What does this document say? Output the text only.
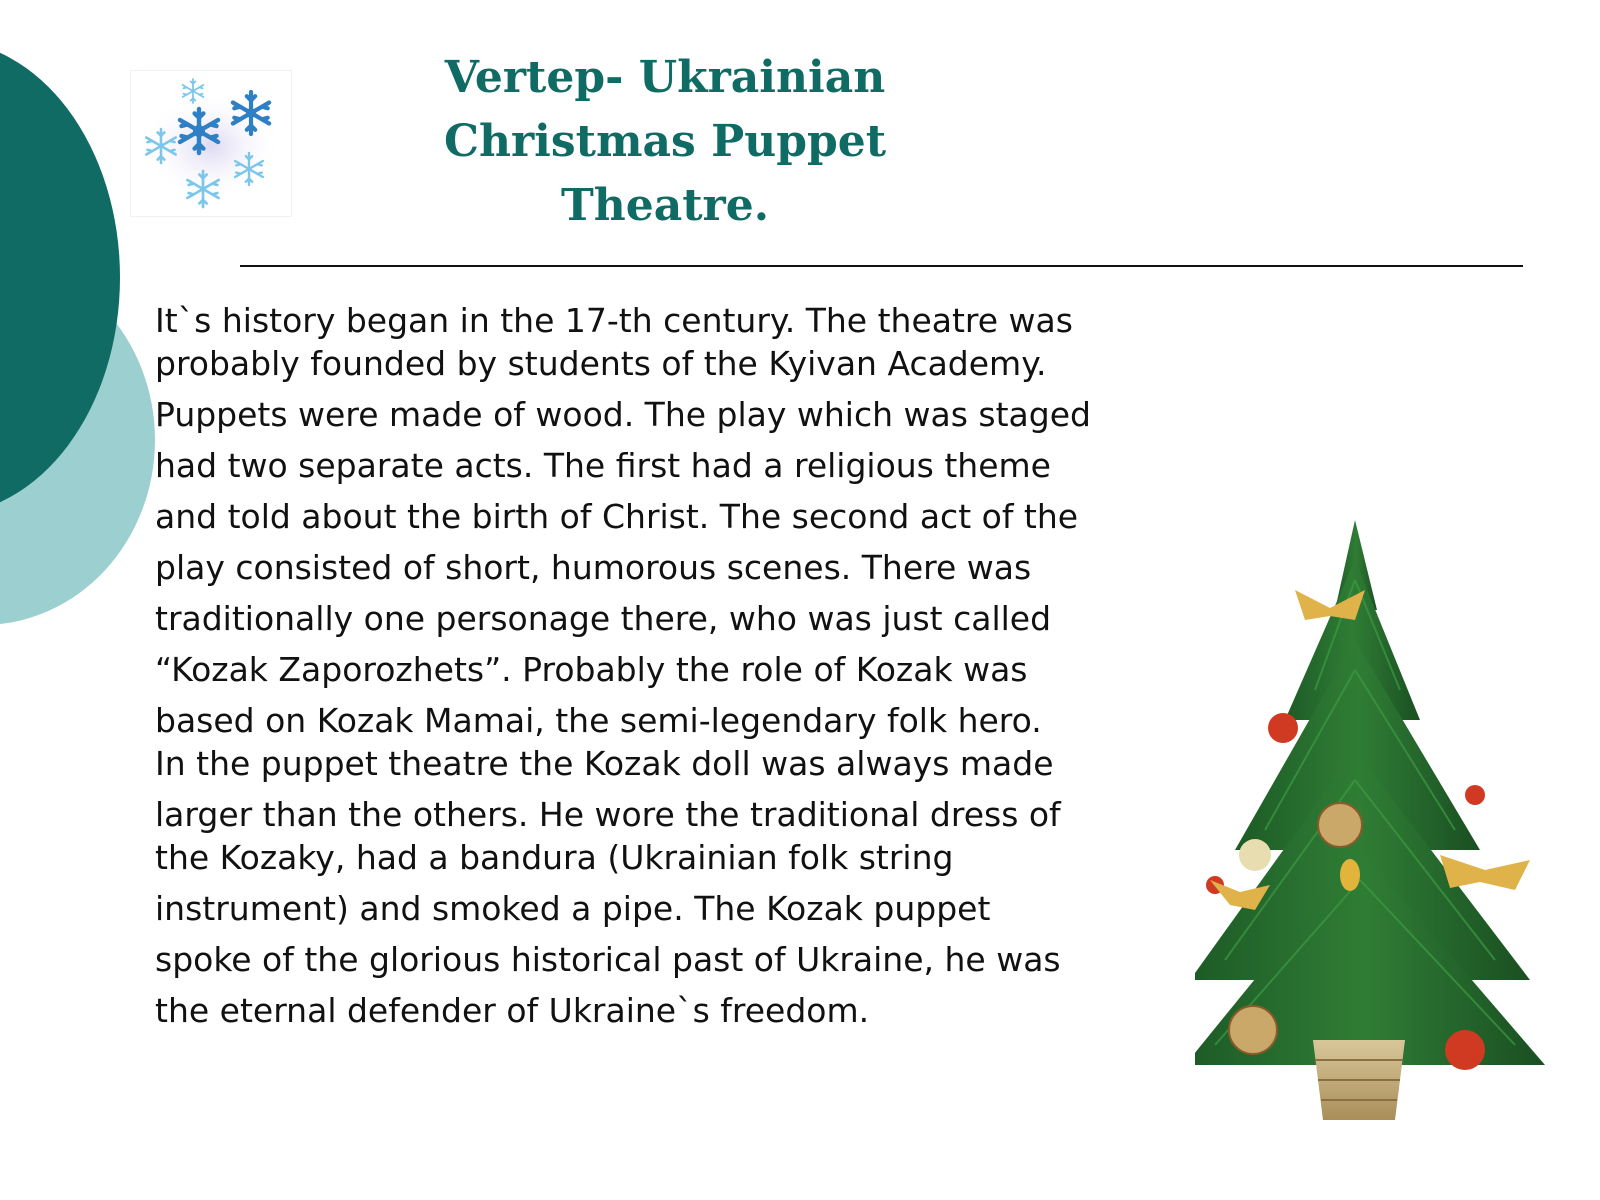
Vertep- Ukrainian
Christmas Puppet
Theatre.
It`s history began in the 17-th century. The theatre was
probably founded by students of the Kyivan Academy.
Puppets were made of wood. The play which was staged
had two separate acts. The first had a religious theme
and told about the birth of Christ. The second act of the
play consisted of short, humorous scenes. There was
traditionally one personage there, who was just called
“Kozak Zaporozhets”. Probably the role of Kozak was
based on Kozak Mamai, the semi-legendary folk hero.
In the puppet theatre the Kozak doll was always made
larger than the others. He wore the traditional dress of
the Kozaky, had a bandura (Ukrainian folk string
instrument) and smoked a pipe. The Kozak puppet
spoke of the glorious historical past of Ukraine, he was
the eternal defender of Ukraine`s freedom.
